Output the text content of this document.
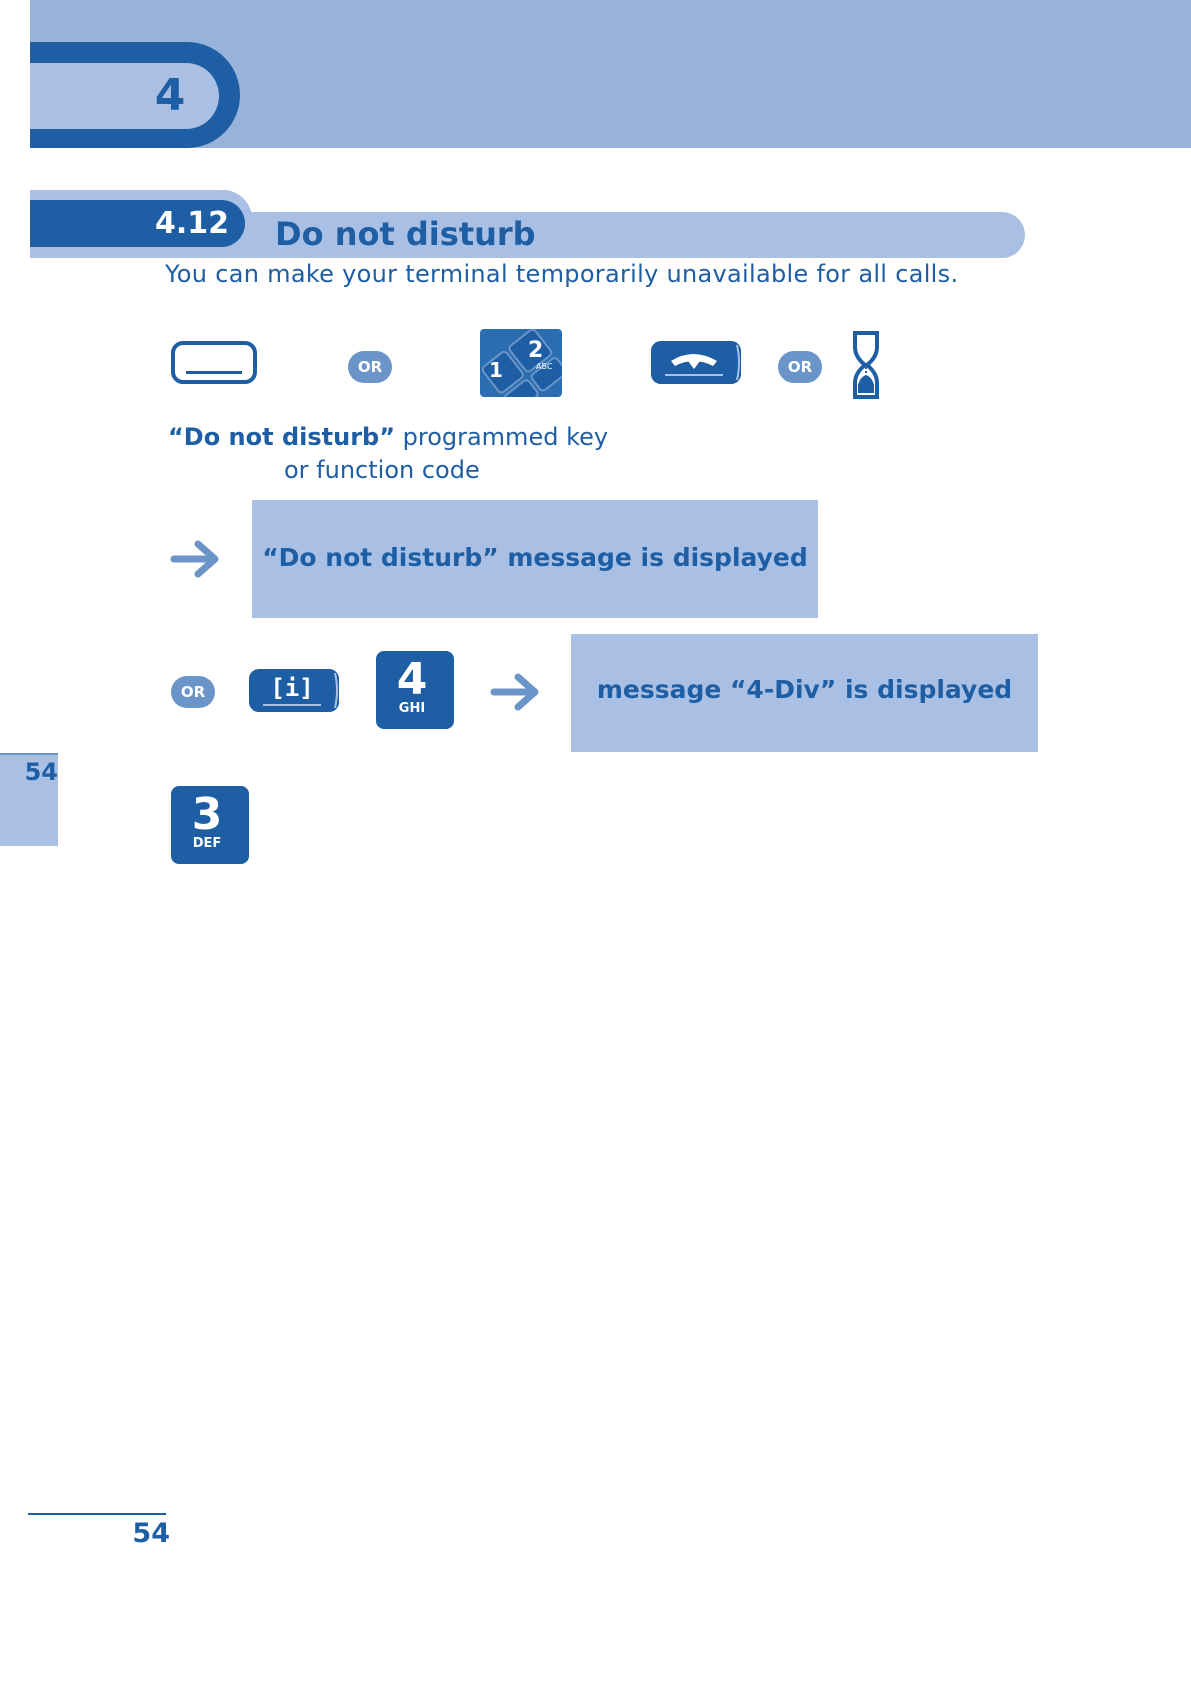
4
4.12 Do not disturb
You can make your terminal temporarily unavailable for all calls.
OR	1
2
ABC	OR
“Do not disturb” programmed key
or function code
“Do not disturb” message is displayed
OR	[i]	4
GHI
message “4-Div” is displayed
3
DEF
54
54
